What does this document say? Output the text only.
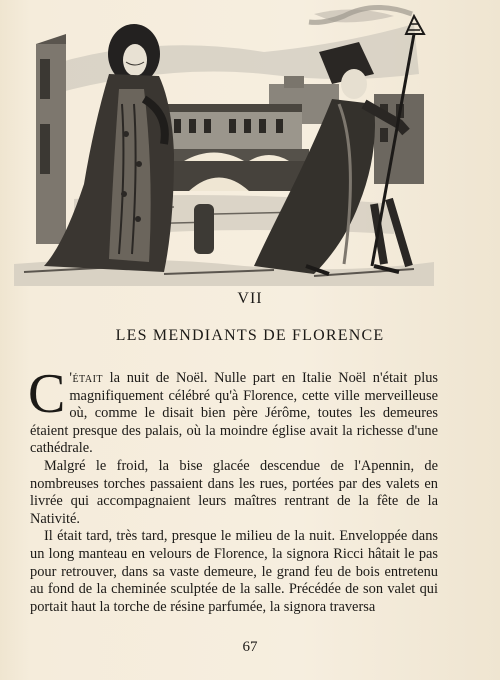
VII
LES MENDIANTS DE FLORENCE

C 'était la nuit de Noël. Nulle part en Italie Noël n'était plus magnifiquement célébré qu'à Florence, cette ville merveilleuse où, comme le disait bien père Jérôme, toutes les demeures étaient presque des palais, où la moindre église avait la richesse d'une cathédrale.

Malgré le froid, la bise glacée descendue de l'Apennin, de nombreuses torches passaient dans les rues, portées par des valets en livrée qui accompagnaient leurs maîtres rentrant de la fête de la Nativité.

Il était tard, très tard, presque le milieu de la nuit. Enveloppée dans un long manteau en velours de Florence, la signora Ricci hâtait le pas pour retrouver, dans sa vaste demeure, le grand feu de bois entretenu au fond de la cheminée sculptée de la salle. Précédée de son valet qui portait haut la torche de résine parfumée, la signora traversa

67
